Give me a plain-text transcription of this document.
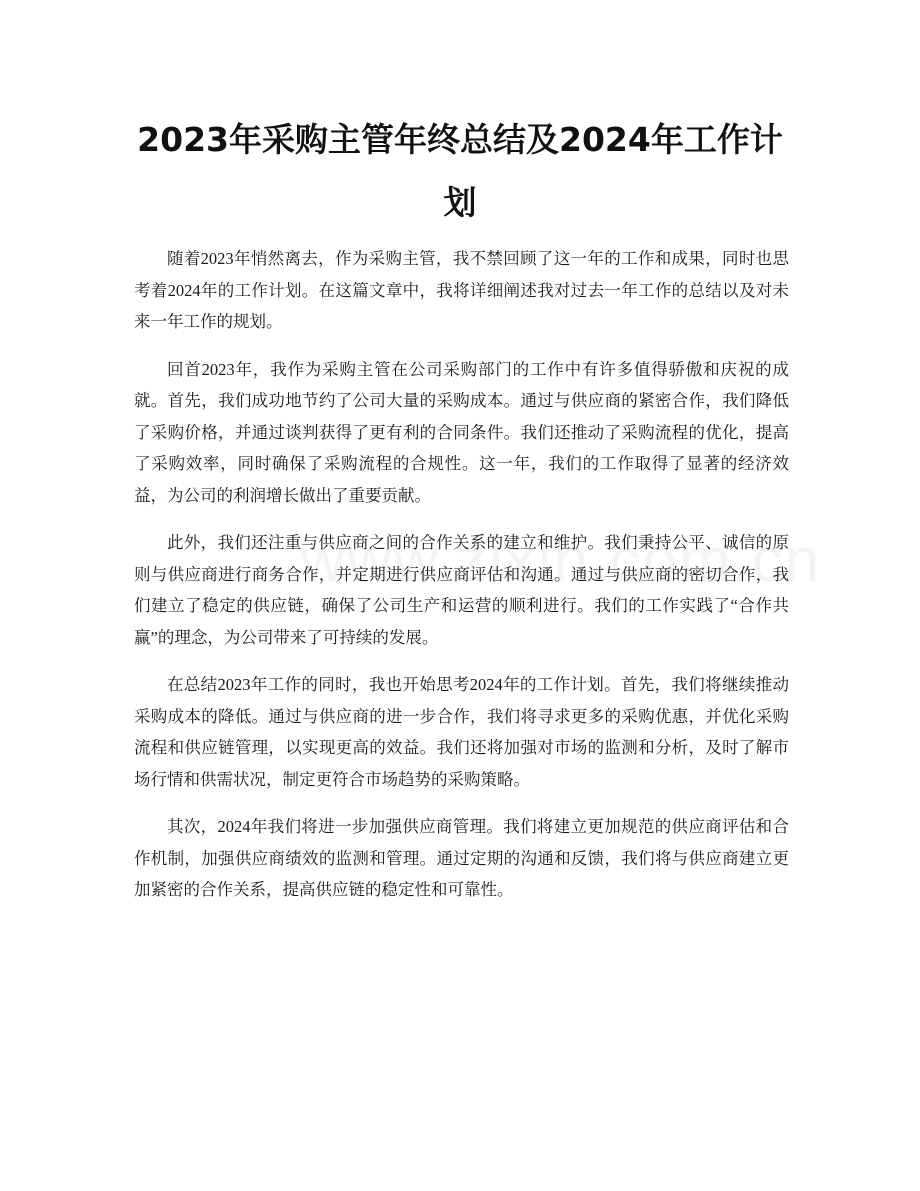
2023年采购主管年终总结及2024年工作计划

随着2023年悄然离去，作为采购主管，我不禁回顾了这一年的工作和成果，同时也思考着2024年的工作计划。在这篇文章中，我将详细阐述我对过去一年工作的总结以及对未来一年工作的规划。

回首2023年，我作为采购主管在公司采购部门的工作中有许多值得骄傲和庆祝的成就。首先，我们成功地节约了公司大量的采购成本。通过与供应商的紧密合作，我们降低了采购价格，并通过谈判获得了更有利的合同条件。我们还推动了采购流程的优化，提高了采购效率，同时确保了采购流程的合规性。这一年，我们的工作取得了显著的经济效益，为公司的利润增长做出了重要贡献。

此外，我们还注重与供应商之间的合作关系的建立和维护。我们秉持公平、诚信的原则与供应商进行商务合作，并定期进行供应商评估和沟通。通过与供应商的密切合作，我们建立了稳定的供应链，确保了公司生产和运营的顺利进行。我们的工作实践了“合作共赢”的理念，为公司带来了可持续的发展。

在总结2023年工作的同时，我也开始思考2024年的工作计划。首先，我们将继续推动采购成本的降低。通过与供应商的进一步合作，我们将寻求更多的采购优惠，并优化采购流程和供应链管理，以实现更高的效益。我们还将加强对市场的监测和分析，及时了解市场行情和供需状况，制定更符合市场趋势的采购策略。

其次，2024年我们将进一步加强供应商管理。我们将建立更加规范的供应商评估和合作机制，加强供应商绩效的监测和管理。通过定期的沟通和反馈，我们将与供应商建立更加紧密的合作关系，提高供应链的稳定性和可靠性。
